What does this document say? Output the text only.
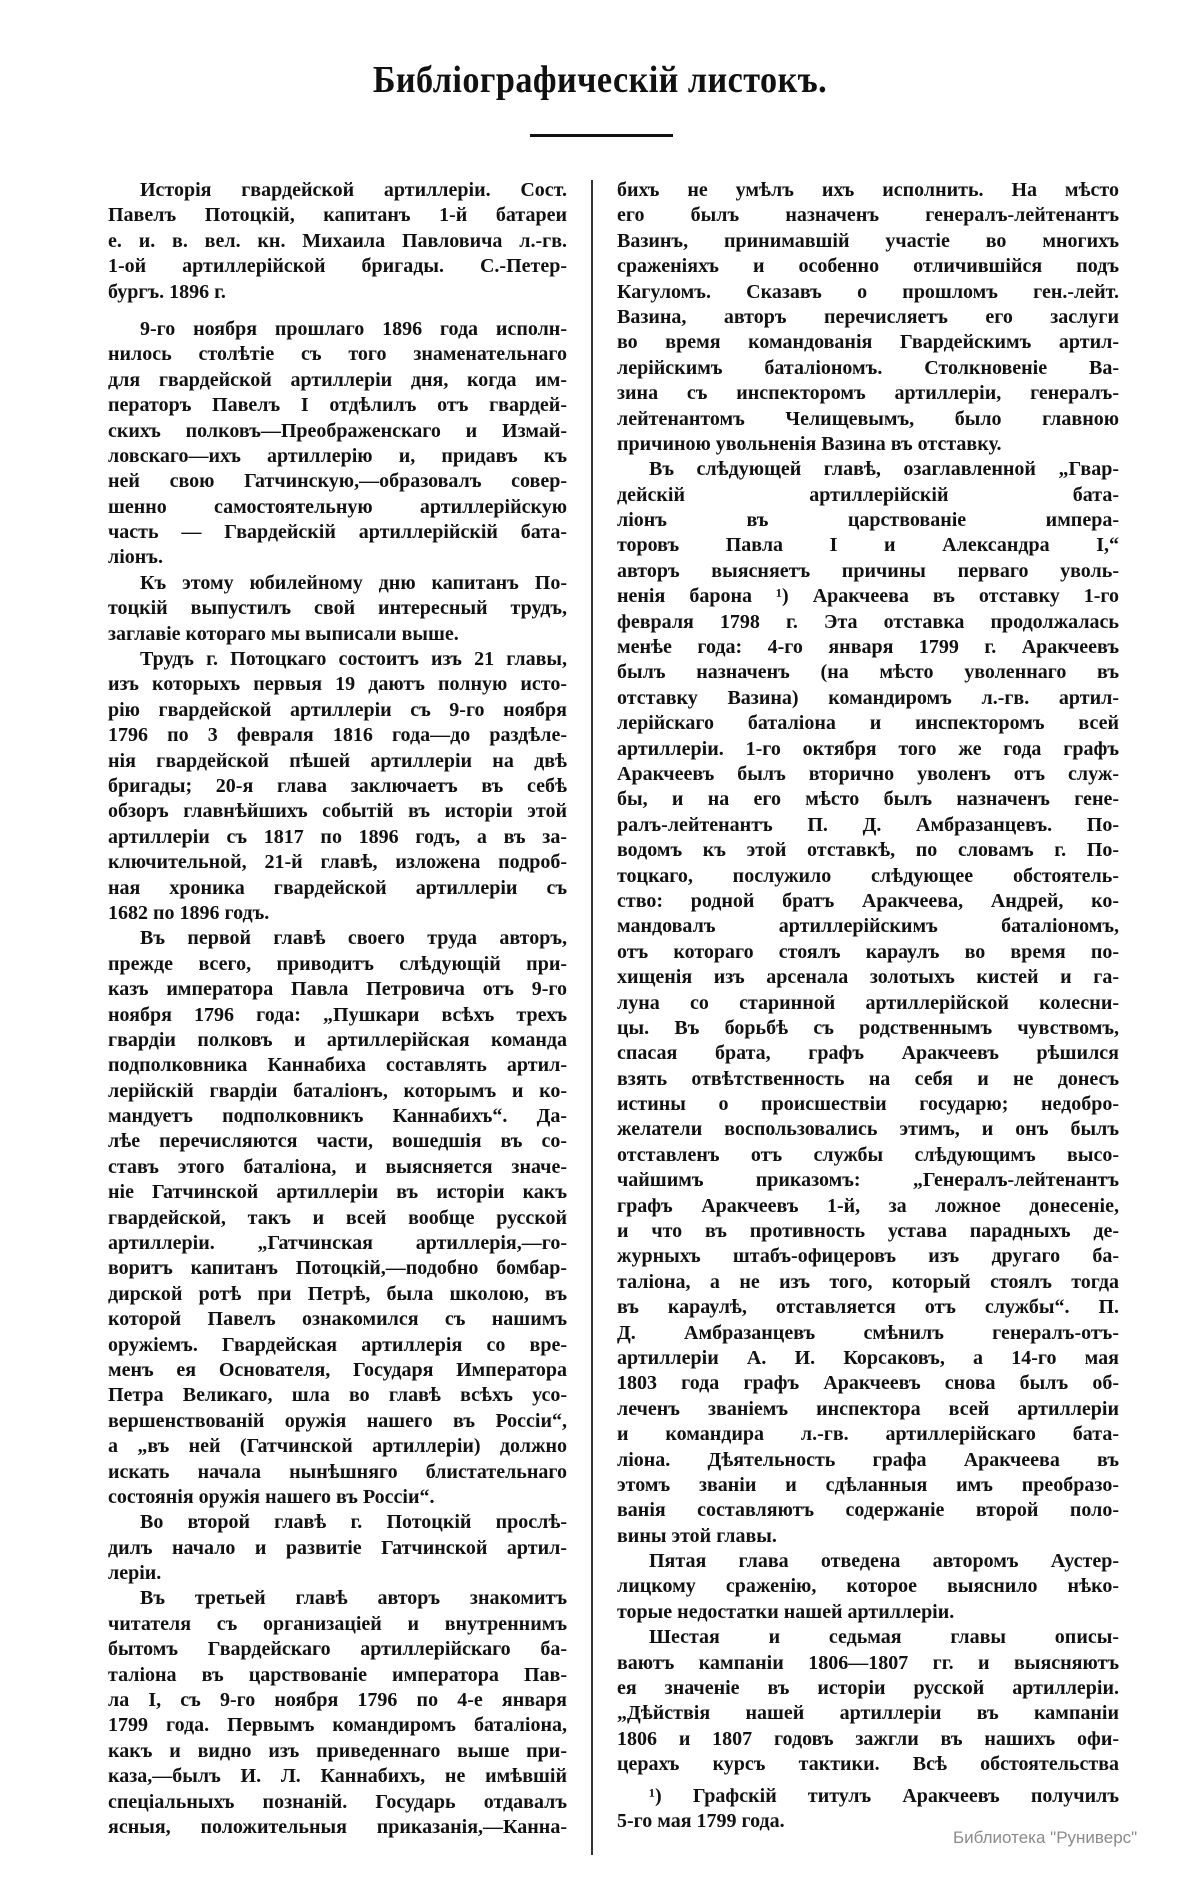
Библіографическій листокъ.
Исторія гвардейской артиллеріи. Сост.
Павелъ Потоцкій, капитанъ 1-й батареи
е. и. в. вел. кн. Михаила Павловича л.-гв.
1-ой артиллерійской бригады. С.-Петер-
бургъ. 1896 г.
9-го ноября прошлаго 1896 года исполн-
нилось столѣтіе съ того знаменательнаго
для гвардейской артиллеріи дня, когда им-
ператоръ Павелъ I отдѣлилъ отъ гвардей-
скихъ полковъ—Преображенскаго и Измай-
ловскаго—ихъ артиллерію и, придавъ къ
ней свою Гатчинскую,—образовалъ совер-
шенно самостоятельную артиллерійскую
часть — Гвардейскій артиллерійскій бата-
ліонъ.
Къ этому юбилейному дню капитанъ По-
тоцкій выпустилъ свой интересный трудъ,
заглавіе котораго мы выписали выше.
Трудъ г. Потоцкаго состоитъ изъ 21 главы,
изъ которыхъ первыя 19 даютъ полную исто-
рію гвардейской артиллеріи съ 9-го ноября
1796 по 3 февраля 1816 года—до раздѣле-
нія гвардейской пѣшей артиллеріи на двѣ
бригады; 20-я глава заключаетъ въ себѣ
обзоръ главнѣйшихъ событій въ исторіи этой
артиллеріи съ 1817 по 1896 годъ, а въ за-
ключительной, 21-й главѣ, изложена подроб-
ная хроника гвардейской артиллеріи съ
1682 по 1896 годъ.
Въ первой главѣ своего труда авторъ,
прежде всего, приводитъ слѣдующій при-
казъ императора Павла Петровича отъ 9-го
ноября 1796 года: „Пушкари всѣхъ трехъ
гвардіи полковъ и артиллерійская команда
подполковника Каннабиха составлять артил-
лерійскій гвардіи баталіонъ, которымъ и ко-
мандуетъ подполковникъ Каннабихъ“. Да-
лѣе перечисляются части, вошедшія въ со-
ставъ этого баталіона, и выясняется значе-
ніе Гатчинской артиллеріи въ исторіи какъ
гвардейской, такъ и всей вообще русской
артиллеріи. „Гатчинская артиллерія,—го-
воритъ капитанъ Потоцкій,—подобно бомбар-
дирской ротѣ при Петрѣ, была школою, въ
которой Павелъ ознакомился съ нашимъ
оружіемъ. Гвардейская артиллерія со вре-
менъ ея Основателя, Государя Императора
Петра Великаго, шла во главѣ всѣхъ усо-
вершенствованій оружія нашего въ Россіи“,
а „въ ней (Гатчинской артиллеріи) должно
искать начала нынѣшняго блистательнаго
состоянія оружія нашего въ Россіи“.
Во второй главѣ г. Потоцкій прослѣ-
дилъ начало и развитіе Гатчинской артил-
леріи.
Въ третьей главѣ авторъ знакомитъ
читателя съ организаціей и внутреннимъ
бытомъ Гвардейскаго артиллерійскаго ба-
таліона въ царствованіе императора Пав-
ла I, съ 9-го ноября 1796 по 4-е января
1799 года. Первымъ командиромъ баталіона,
какъ и видно изъ приведеннаго выше при-
каза,—былъ И. Л. Каннабихъ, не имѣвшій
спеціальныхъ познаній. Государь отдавалъ
ясныя, положительныя приказанія,—Канна-
бихъ не умѣлъ ихъ исполнить. На мѣсто
его былъ назначенъ генералъ-лейтенантъ
Вазинъ, принимавшій участіе во многихъ
сраженіяхъ и особенно отличившійся подъ
Кагуломъ. Сказавъ о прошломъ ген.-лейт.
Вазина, авторъ перечисляетъ его заслуги
во время командованія Гвардейскимъ артил-
лерійскимъ баталіономъ. Столкновеніе Ва-
зина съ инспекторомъ артиллеріи, генералъ-
лейтенантомъ Челищевымъ, было главною
причиною увольненія Вазина въ отставку.
Въ слѣдующей главѣ, озаглавленной „Гвар-
дейскій артиллерійскій бата-
ліонъ въ царствованіе импера-
торовъ Павла I и Александра I,“
авторъ выясняетъ причины перваго уволь-
ненія барона ¹) Аракчеева въ отставку 1-го
февраля 1798 г. Эта отставка продолжалась
менѣе года: 4-го января 1799 г. Аракчеевъ
былъ назначенъ (на мѣсто уволеннаго въ
отставку Вазина) командиромъ л.-гв. артил-
лерійскаго баталіона и инспекторомъ всей
артиллеріи. 1-го октября того же года графъ
Аракчеевъ былъ вторично уволенъ отъ служ-
бы, и на его мѣсто былъ назначенъ гене-
ралъ-лейтенантъ П. Д. Амбразанцевъ. По-
водомъ къ этой отставкѣ, по словамъ г. По-
тоцкаго, послужило слѣдующее обстоятель-
ство: родной братъ Аракчеева, Андрей, ко-
мандовалъ артиллерійскимъ баталіономъ,
отъ котораго стоялъ караулъ во время по-
хищенія изъ арсенала золотыхъ кистей и га-
луна со старинной артиллерійской колесни-
цы. Въ борьбѣ съ родственнымъ чувствомъ,
спасая брата, графъ Аракчеевъ рѣшился
взять отвѣтственность на себя и не донесъ
истины о происшествіи государю; недобро-
желатели воспользовались этимъ, и онъ былъ
отставленъ отъ службы слѣдующимъ высо-
чайшимъ приказомъ: „Генералъ-лейтенантъ
графъ Аракчеевъ 1-й, за ложное донесеніе,
и что въ противность устава парадныхъ де-
журныхъ штабъ-офицеровъ изъ другаго ба-
таліона, а не изъ того, который стоялъ тогда
въ караулѣ, отставляется отъ службы“. П.
Д. Амбразанцевъ смѣнилъ генералъ-отъ-
артиллеріи А. И. Корсаковъ, а 14-го мая
1803 года графъ Аракчеевъ снова былъ об-
леченъ званіемъ инспектора всей артиллеріи
и командира л.-гв. артиллерійскаго бата-
ліона. Дѣятельность графа Аракчеева въ
этомъ званіи и сдѣланныя имъ преобразо-
ванія составляютъ содержаніе второй поло-
вины этой главы.
Пятая глава отведена авторомъ Аустер-
лицкому сраженію, которое выяснило нѣко-
торые недостатки нашей артиллеріи.
Шестая и седьмая главы описы-
ваютъ кампаніи 1806—1807 гг. и выясняютъ
ея значеніе въ исторіи русской артиллеріи.
„Дѣйствія нашей артиллеріи въ кампаніи
1806 и 1807 годовъ зажгли въ нашихъ офи-
церахъ курсъ тактики. Всѣ обстоятельства
¹) Графскій титулъ Аракчеевъ получилъ
5-го мая 1799 года.
Библиотека "Руниверс"
